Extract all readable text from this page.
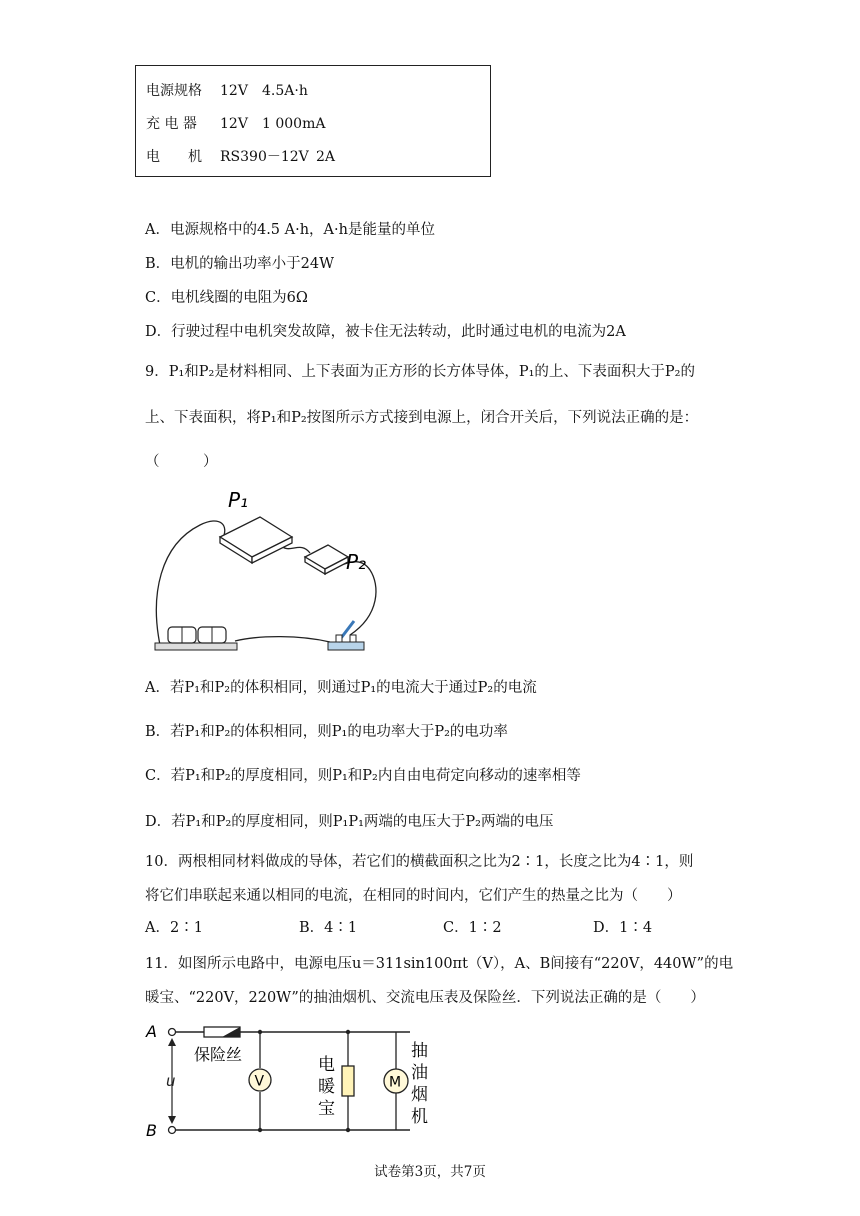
电源规格 12V 4.5A·h
充 电 器 12V 1 000mA
电　　机 RS390－12V 2A
A．电源规格中的4.5 A·h，A·h是能量的单位
B．电机的输出功率小于24W
C．电机线圈的电阻为6Ω
D．行驶过程中电机突发故障，被卡住无法转动，此时通过电机的电流为2A
9．P₁和P₂是材料相同、上下表面为正方形的长方体导体，P₁的上、下表面积大于P₂的
上、下表面积，将P₁和P₂按图所示方式接到电源上，闭合开关后，下列说法正确的是：
（　　　）
P₁
P₂
A．若P₁和P₂的体积相同，则通过P₁的电流大于通过P₂的电流
B．若P₁和P₂的体积相同，则P₁的电功率大于P₂的电功率
C．若P₁和P₂的厚度相同，则P₁和P₂内自由电荷定向移动的速率相等
D．若P₁和P₂的厚度相同，则P₁P₁两端的电压大于P₂两端的电压
10．两根相同材料做成的导体，若它们的横截面积之比为2∶1，长度之比为4∶1，则
将它们串联起来通以相同的电流，在相同的时间内，它们产生的热量之比为（　　）
A．2∶1	B．4∶1	C．1∶2	D．1∶4
11．如图所示电路中，电源电压u＝311sin100πt（V），A、B间接有“220V，440W”的电
暖宝、“220V，220W”的抽油烟机、交流电压表及保险丝．下列说法正确的是（　　）
A
B
u
保险丝
V
电
暖
宝
M
抽
油
烟
机
试卷第3页，共7页
